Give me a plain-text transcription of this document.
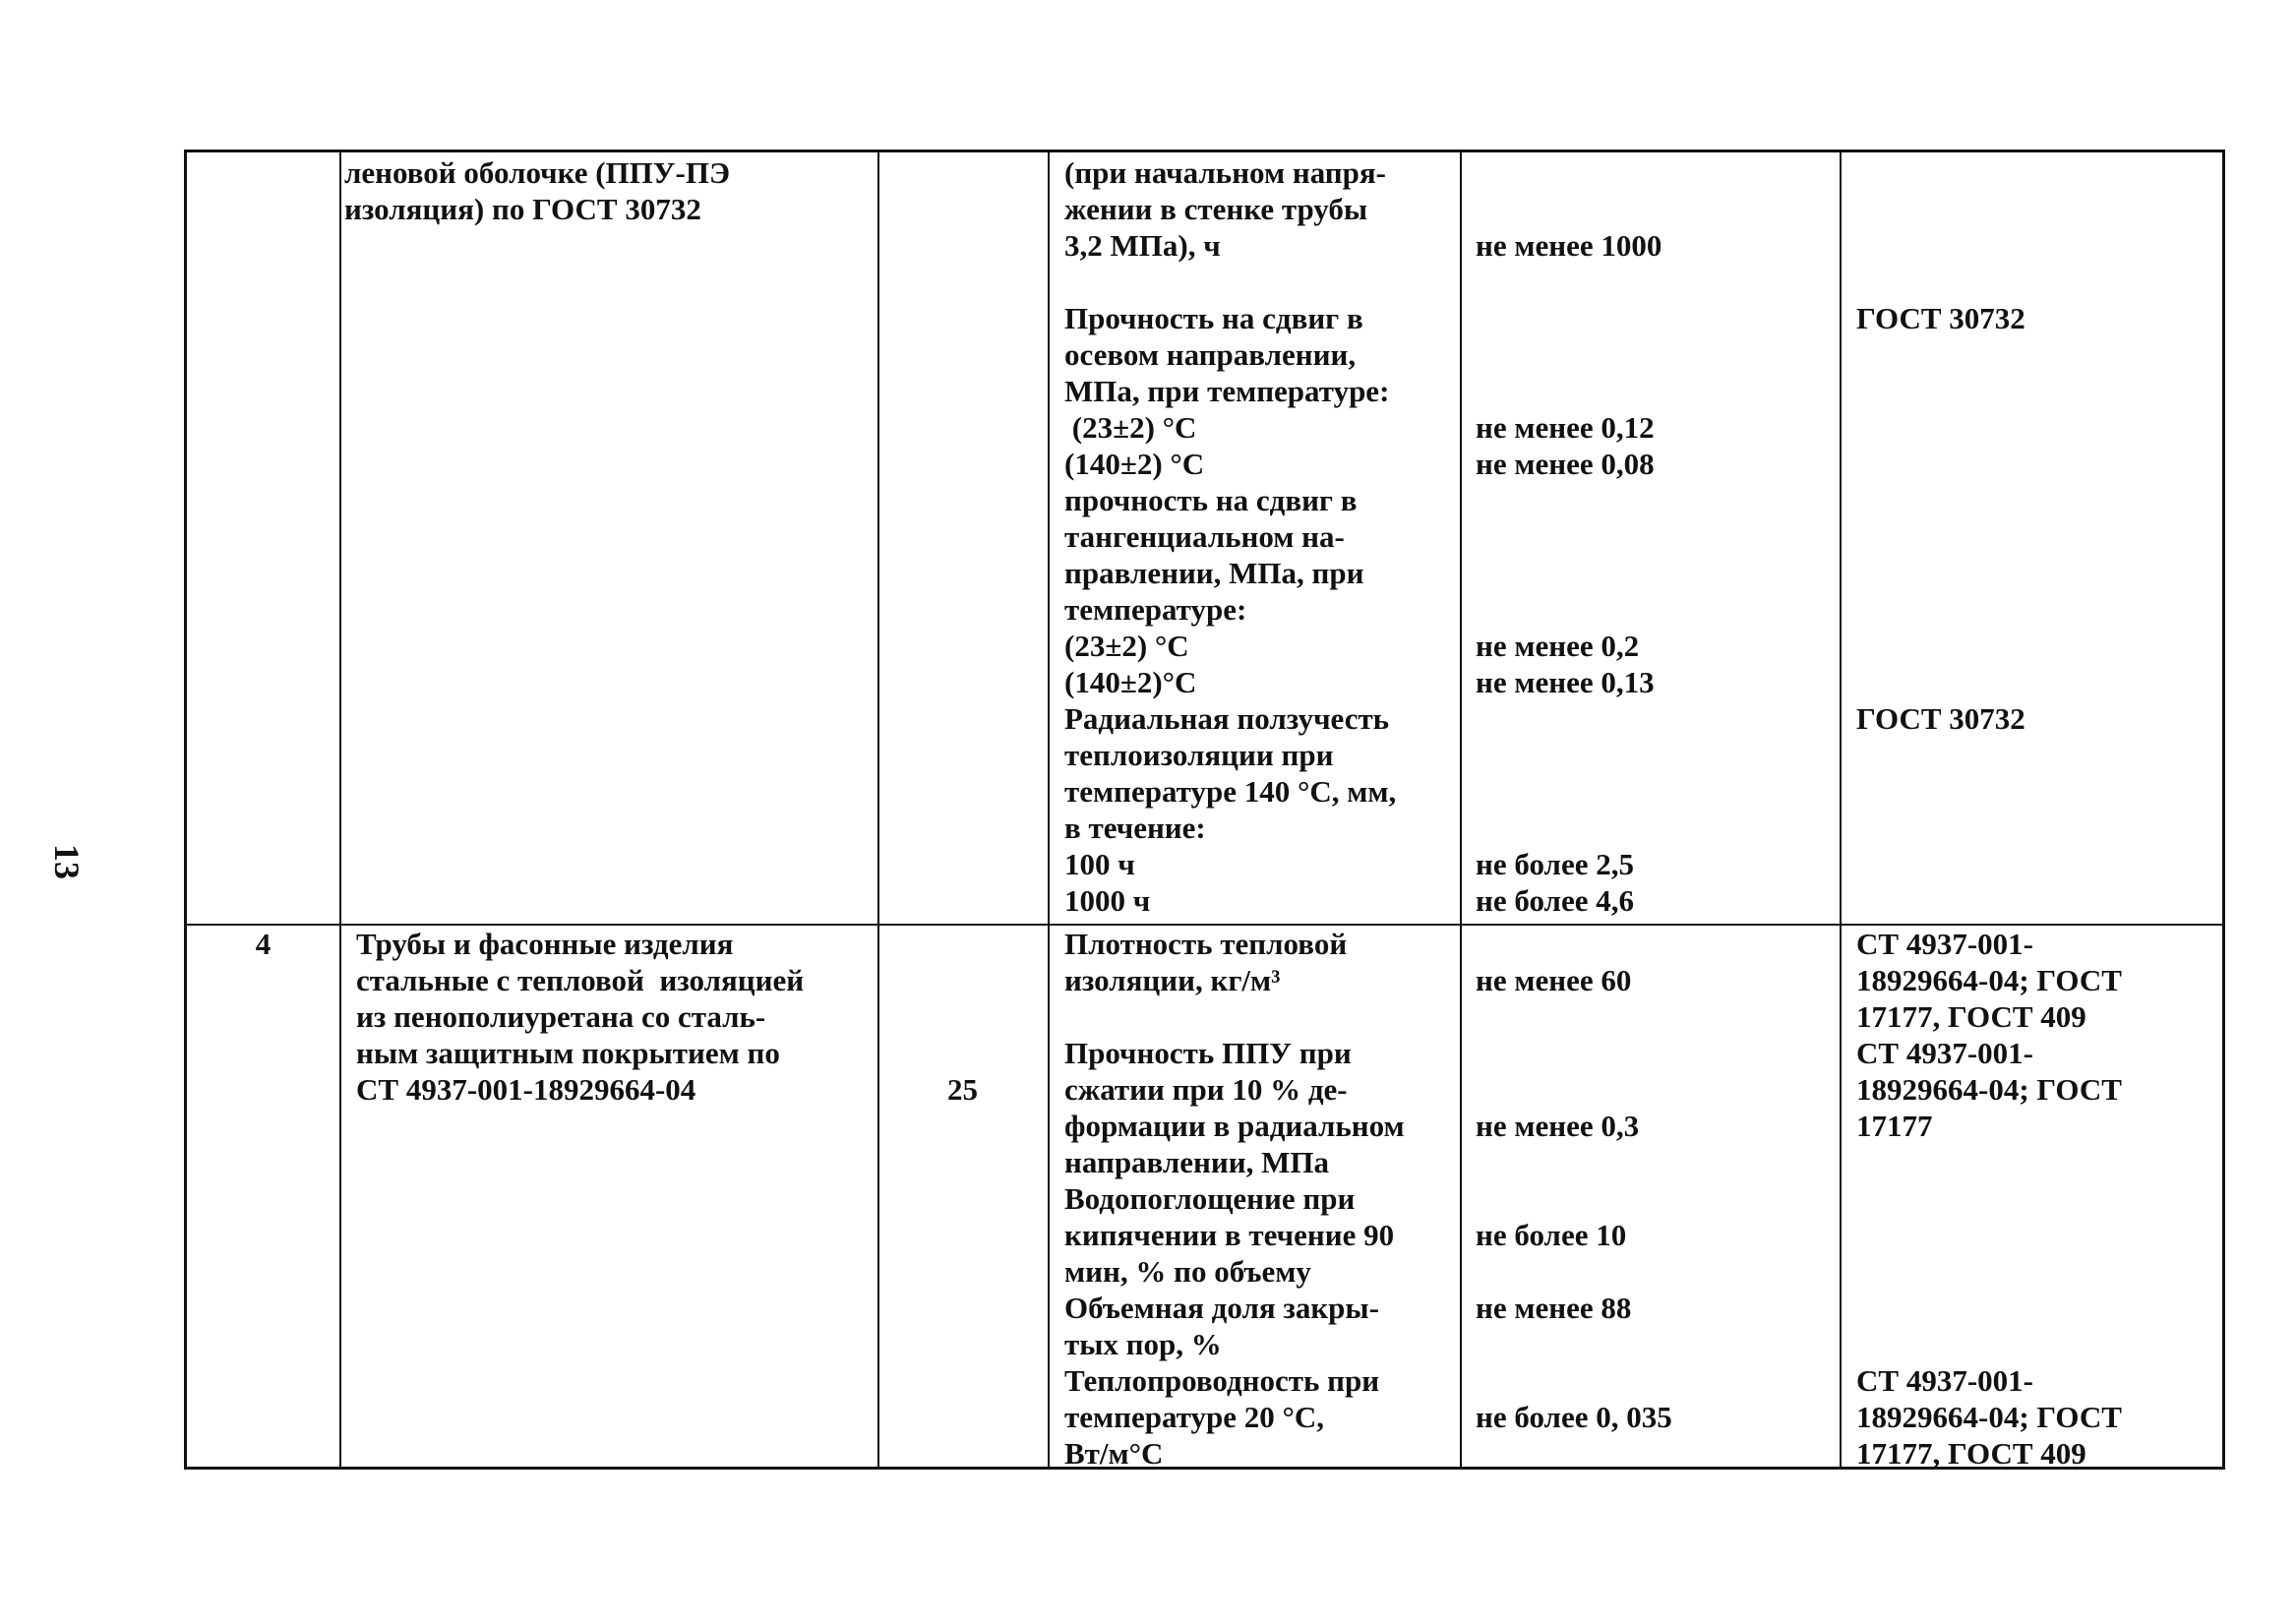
13
леновой оболочке (ППУ-ПЭ
изоляция) по ГОСТ 30732
(при начальном напря-
жении в стенке трубы
3,2 МПа), ч

Прочность на сдвиг в
осевом направлении,
МПа, при температуре:
(23±2) °С
(140±2) °С
прочность на сдвиг в
тангенциальном на-
правлении, МПа, при
температуре:
(23±2) °С
(140±2)°С
Радиальная ползучесть
теплоизоляции при
температуре 140 °С, мм,
в течение:
100 ч
1000 ч

не менее 1000

не менее 0,12
не менее 0,08

не менее 0,2
не менее 0,13

не более 2,5
не более 4,6

ГОСТ 30732

ГОСТ 30732
4	Трубы и фасонные изделия
стальные с тепловой  изоляцией
из пенополиуретана со сталь-
ным защитным покрытием по
СТ 4937-001-18929664-04	25
Плотность тепловой
изоляции, кг/м³

Прочность ППУ при
сжатии при 10 % де-
формации в радиальном
направлении, МПа
Водопоглощение при
кипячении в течение 90
мин, % по объему
Объемная доля закры-
тых пор, %
Теплопроводность при
температуре 20 °С,
Вт/м°С

не менее 60

не менее 0,3

не более 10

не менее 88

не более 0, 035
СТ 4937-001-
18929664-04; ГОСТ
17177, ГОСТ 409
СТ 4937-001-
18929664-04; ГОСТ
17177

СТ 4937-001-
18929664-04; ГОСТ
17177, ГОСТ 409
